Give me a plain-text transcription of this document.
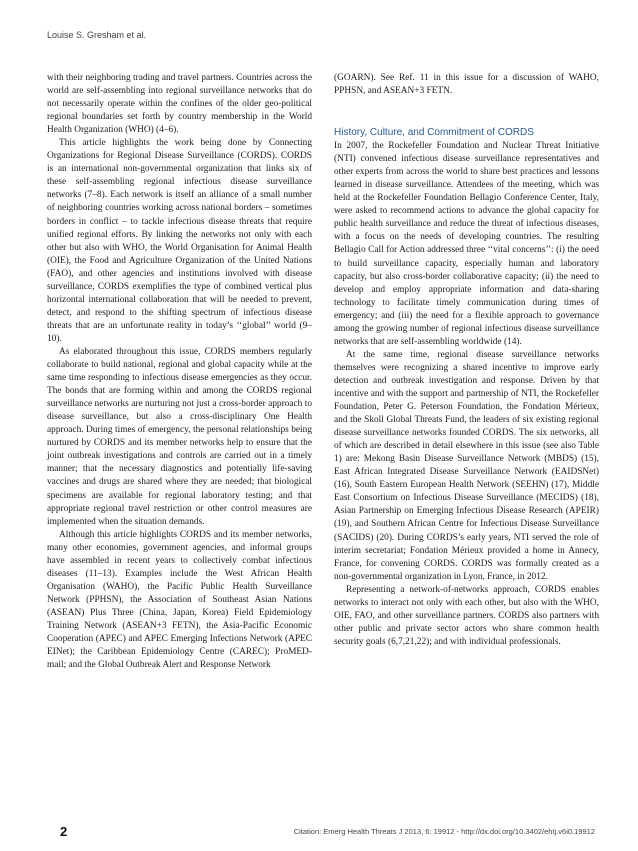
Louise S. Gresham et al.

with their neighboring trading and travel partners. Countries across the world are self-assembling into regional surveillance networks that do not necessarily operate within the confines of the older geo-political regional boundaries set forth by country membership in the World Health Organization (WHO) (4–6).

This article highlights the work being done by Connecting Organizations for Regional Disease Surveillance (CORDS). CORDS is an international non-governmental organization that links six of these self-assembling regional infectious disease surveillance networks (7–8). Each network is itself an alliance of a small number of neighboring countries working across national borders – sometimes borders in conflict – to tackle infectious disease threats that require unified regional efforts. By linking the networks not only with each other but also with WHO, the World Organisation for Animal Health (OIE), the Food and Agriculture Organization of the United Nations (FAO), and other agencies and institutions involved with disease surveillance, CORDS exemplifies the type of combined vertical plus horizontal international collaboration that will be needed to prevent, detect, and respond to the shifting spectrum of infectious disease threats that are an unfortunate reality in today’s ‘‘global’’ world (9–10).

As elaborated throughout this issue, CORDS members regularly collaborate to build national, regional and global capacity while at the same time responding to infectious disease emergencies as they occur. The bonds that are forming within and among the CORDS regional surveillance networks are nurturing not just a cross-border approach to disease surveillance, but also a cross-disciplinary One Health approach. During times of emergency, the personal relationships being nurtured by CORDS and its member networks help to ensure that the joint outbreak investigations and controls are carried out in a timely manner; that the necessary diagnostics and potentially life-saving vaccines and drugs are shared where they are needed; that biological specimens are available for regional laboratory testing; and that appropriate regional travel restriction or other control measures are implemented when the situation demands.

Although this article highlights CORDS and its member networks, many other economies, government agencies, and informal groups have assembled in recent years to collectively combat infectious diseases (11–13). Examples include the West African Health Organisation (WAHO), the Pacific Public Health Surveillance Network (PPHSN), the Association of Southeast Asian Nations (ASEAN) Plus Three (China, Japan, Korea) Field Epidemiology Training Network (ASEAN+3 FETN), the Asia-Pacific Economic Cooperation (APEC) and APEC Emerging Infections Network (APEC EINet); the Caribbean Epidemiology Centre (CAREC); ProMED-mail; and the Global Outbreak Alert and Response Network

(GOARN). See Ref. 11 in this issue for a discussion of WAHO, PPHSN, and ASEAN+3 FETN.

History, Culture, and Commitment of CORDS

In 2007, the Rockefeller Foundation and Nuclear Threat Initiative (NTI) convened infectious disease surveillance representatives and other experts from across the world to share best practices and lessons learned in disease surveillance. Attendees of the meeting, which was held at the Rockefeller Foundation Bellagio Conference Center, Italy, were asked to recommend actions to advance the global capacity for public health surveillance and reduce the threat of infectious diseases, with a focus on the needs of developing countries. The resulting Bellagio Call for Action addressed three ‘‘vital concerns’’: (i) the need to build surveillance capacity, especially human and laboratory capacity, but also cross-border collaborative capacity; (ii) the need to develop and employ appropriate information and data-sharing technology to facilitate timely communication during times of emergency; and (iii) the need for a flexible approach to governance among the growing number of regional infectious disease surveillance networks that are self-assembling worldwide (14).

At the same time, regional disease surveillance networks themselves were recognizing a shared incentive to improve early detection and outbreak investigation and response. Driven by that incentive and with the support and partnership of NTI, the Rockefeller Foundation, Peter G. Peterson Foundation, the Fondation Mérieux, and the Skoll Global Threats Fund, the leaders of six existing regional disease surveillance networks founded CORDS. The six networks, all of which are described in detail elsewhere in this issue (see also Table 1) are: Mekong Basin Disease Surveillance Network (MBDS) (15), East African Integrated Disease Surveillance Network (EAIDSNet) (16), South Eastern European Health Network (SEEHN) (17), Middle East Consortium on Infectious Disease Surveillance (MECIDS) (18), Asian Partnership on Emerging Infectious Disease Research (APEIR) (19), and Southern African Centre for Infectious Disease Surveillance (SACIDS) (20). During CORDS’s early years, NTI served the role of interim secretariat; Fondation Mérieux provided a home in Annecy, France, for convening CORDS. CORDS was formally created as a non-governmental organization in Lyon, France, in 2012.

Representing a network-of-networks approach, CORDS enables networks to interact not only with each other, but also with the WHO, OIE, FAO, and other surveillance partners. CORDS also partners with other public and private sector actors who share common health security goals (6,7,21,22); and with individual professionals.

2	Citation: Emerg Health Threats J 2013, 6: 19912 - http://dx.doi.org/10.3402/ehtj.v6i0.19912
